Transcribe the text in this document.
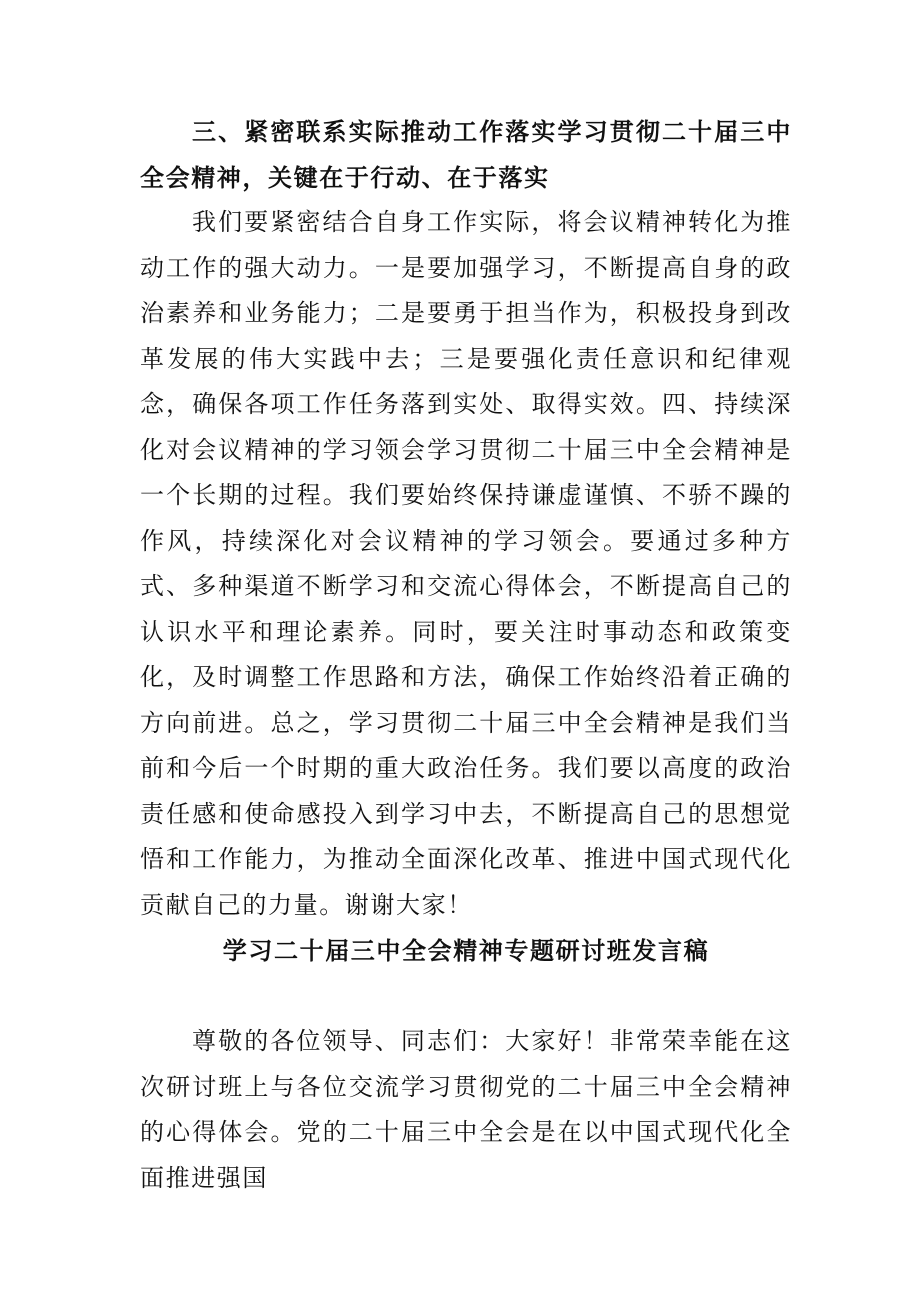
三、紧密联系实际推动工作落实学习贯彻二十届三中全会精神，关键在于行动、在于落实

我们要紧密结合自身工作实际，将会议精神转化为推动工作的强大动力。一是要加强学习，不断提高自身的政治素养和业务能力；二是要勇于担当作为，积极投身到改革发展的伟大实践中去；三是要强化责任意识和纪律观念，确保各项工作任务落到实处、取得实效。四、持续深化对会议精神的学习领会学习贯彻二十届三中全会精神是一个长期的过程。我们要始终保持谦虚谨慎、不骄不躁的作风，持续深化对会议精神的学习领会。要通过多种方式、多种渠道不断学习和交流心得体会，不断提高自己的认识水平和理论素养。同时，要关注时事动态和政策变化，及时调整工作思路和方法，确保工作始终沿着正确的方向前进。总之，学习贯彻二十届三中全会精神是我们当前和今后一个时期的重大政治任务。我们要以高度的政治责任感和使命感投入到学习中去，不断提高自己的思想觉悟和工作能力，为推动全面深化改革、推进中国式现代化贡献自己的力量。谢谢大家！

学习二十届三中全会精神专题研讨班发言稿

尊敬的各位领导、同志们：大家好！非常荣幸能在这次研讨班上与各位交流学习贯彻党的二十届三中全会精神的心得体会。党的二十届三中全会是在以中国式现代化全面推进强国
